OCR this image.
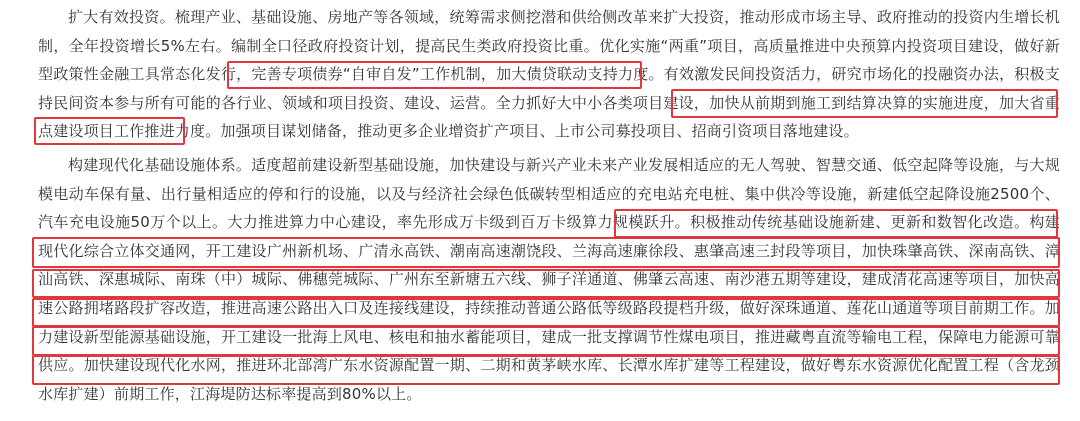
扩大有效投资。梳理产业、基础设施、房地产等各领域，统筹需求侧挖潜和供给侧改革来扩大投资，推动形成市场主导、政府推动的投资内生增长机制，全年投资增长5%左右。编制全口径政府投资计划，提高民生类政府投资比重。优化实施“两重”项目，高质量推进中央预算内投资项目建设，做好新型政策性金融工具常态化发行，完善专项债券“自审自发”工作机制，加大债贷联动支持力度。有效激发民间投资活力，研究市场化的投融资办法，积极支持民间资本参与所有可能的各行业、领域和项目投资、建设、运营。全力抓好大中小各类项目建设，加快从前期到施工到结算决算的实施进度，加大省重点建设项目工作推进力度。加强项目谋划储备，推动更多企业增资扩产项目、上市公司募投项目、招商引资项目落地建设。

构建现代化基础设施体系。适度超前建设新型基础设施，加快建设与新兴产业未来产业发展相适应的无人驾驶、智慧交通、低空起降等设施，与大规模电动车保有量、出行量相适应的停和行的设施，以及与经济社会绿色低碳转型相适应的充电站充电桩、集中供冷等设施，新建低空起降设施2500个、汽车充电设施50万个以上。大力推进算力中心建设，率先形成万卡级到百万卡级算力规模跃升。积极推动传统基础设施新建、更新和数智化改造。构建现代化综合立体交通网，开工建设广州新机场、广清永高铁、潮南高速潮饶段、兰海高速廉徐段、惠肇高速三封段等项目，加快珠肇高铁、深南高铁、漳汕高铁、深惠城际、南珠（中）城际、佛穗莞城际、广州东至新塘五六线、狮子洋通道、佛肇云高速、南沙港五期等建设，建成清花高速等项目，加快高速公路拥堵路段扩容改造，推进高速公路出入口及连接线建设，持续推动普通公路低等级路段提档升级，做好深珠通道、莲花山通道等项目前期工作。加力建设新型能源基础设施，开工建设一批海上风电、核电和抽水蓄能项目，建成一批支撑调节性煤电项目，推进藏粤直流等输电工程，保障电力能源可靠供应。加快建设现代化水网，推进环北部湾广东水资源配置一期、二期和黄茅峡水库、长潭水库扩建等工程建设，做好粤东水资源优化配置工程（含龙颈水库扩建）前期工作，江海堤防达标率提高到80%以上。
